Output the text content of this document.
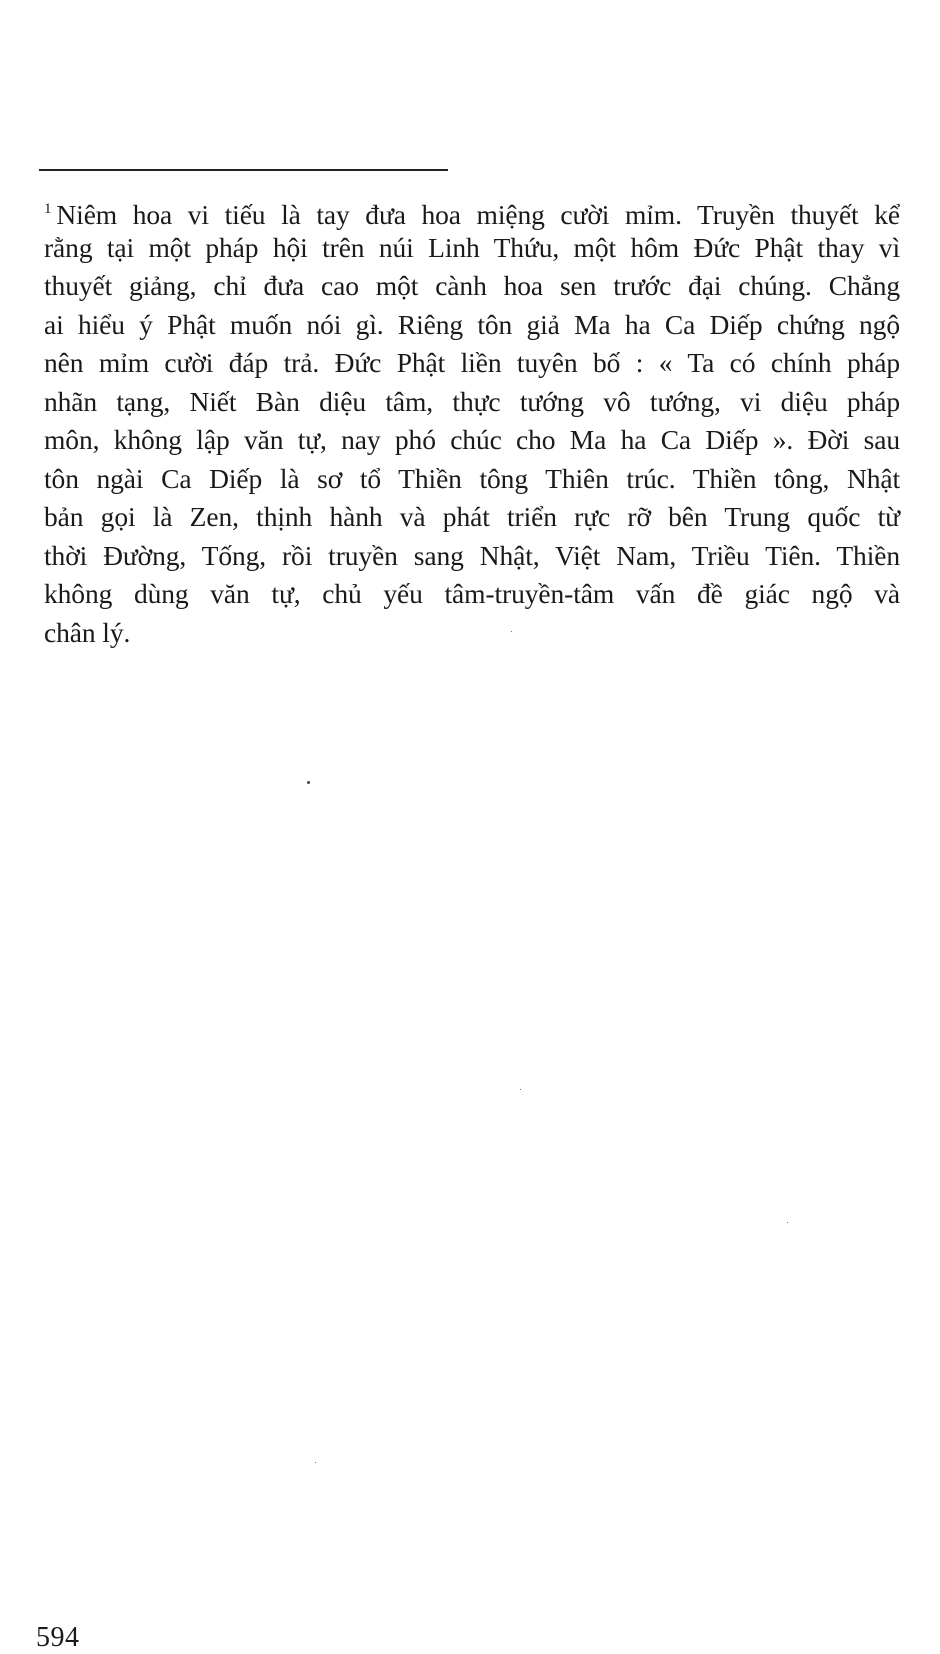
$^1$ Niêm hoa vi tiếu là tay đưa hoa miệng cười mỉm. Truyền thuyết kể
rằng tại một pháp hội trên núi Linh Thứu, một hôm Đức Phật thay vì
thuyết giảng, chỉ đưa cao một cành hoa sen trước đại chúng. Chẳng
ai hiểu ý Phật muốn nói gì. Riêng tôn giả Ma ha Ca Diếp chứng ngộ
nên mỉm cười đáp trả. Đức Phật liền tuyên bố : « Ta có chính pháp
nhãn tạng, Niết Bàn diệu tâm, thực tướng vô tướng, vi diệu pháp
môn, không lập văn tự, nay phó chúc cho Ma ha Ca Diếp ». Đời sau
tôn ngài Ca Diếp là sơ tổ Thiền tông Thiên trúc. Thiền tông, Nhật
bản gọi là Zen, thịnh hành và phát triển rực rỡ bên Trung quốc từ
thời Đường, Tống, rồi truyền sang Nhật, Việt Nam, Triều Tiên. Thiền
không dùng văn tự, chủ yếu tâm-truyền-tâm vấn đề giác ngộ và
chân lý.
594
